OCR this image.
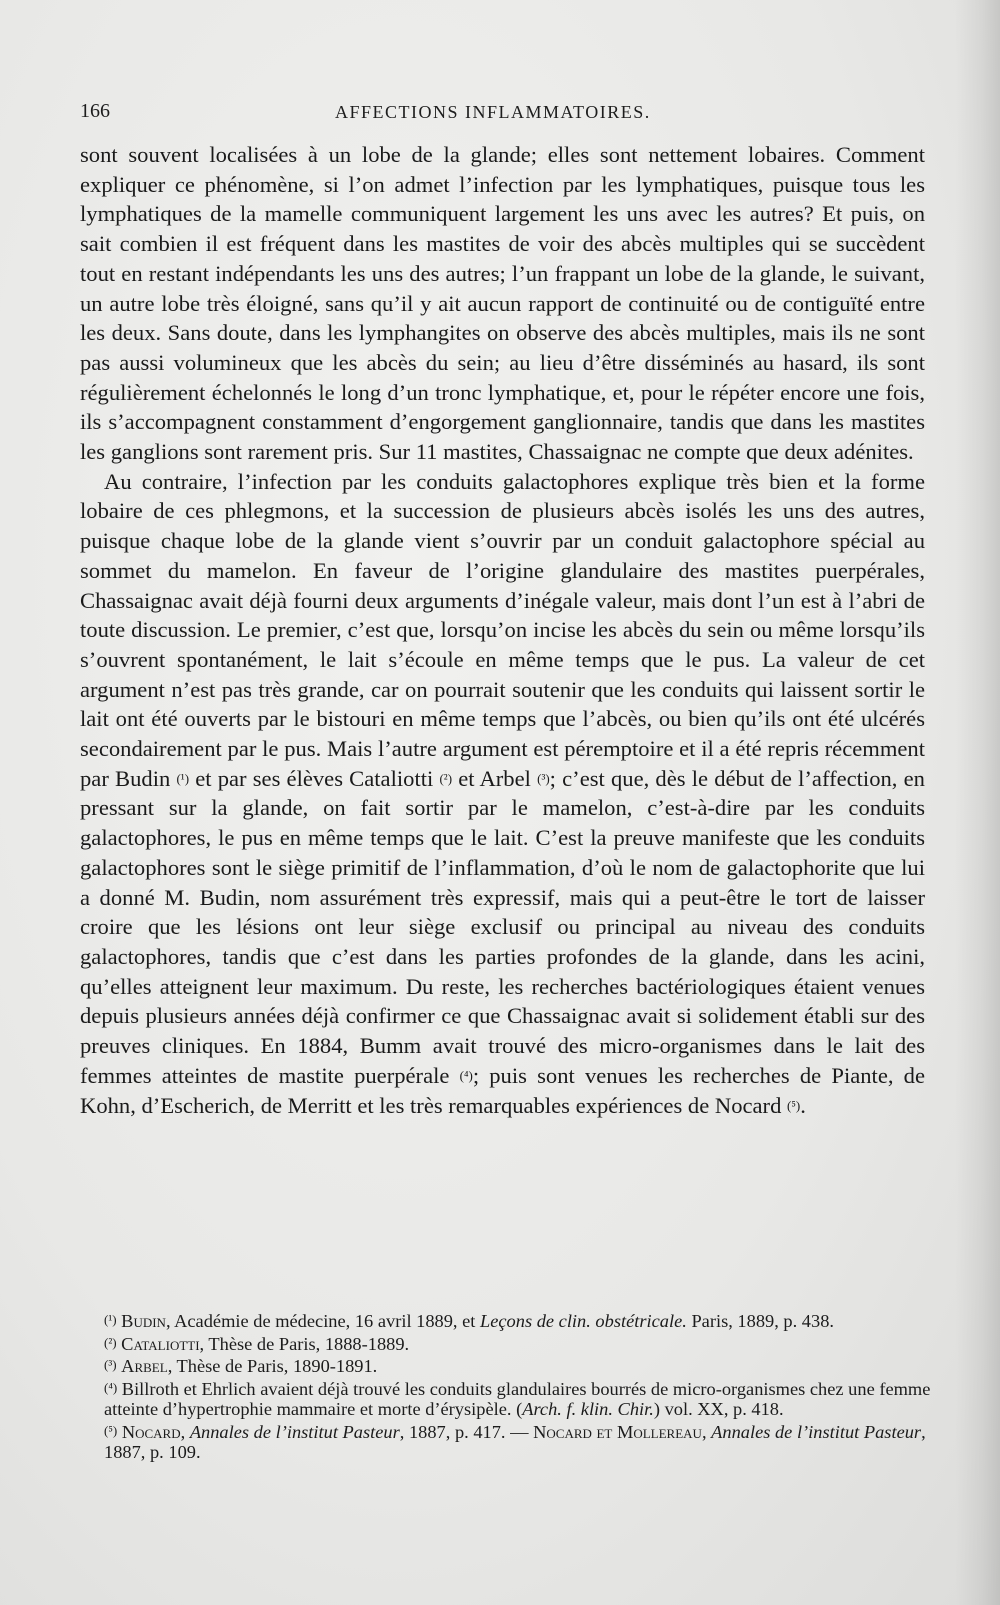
166	AFFECTIONS INFLAMMATOIRES.

sont souvent localisées à un lobe de la glande; elles sont nettement lobaires. Comment expliquer ce phénomène, si l’on admet l’infection par les lymphatiques, puisque tous les lymphatiques de la mamelle communiquent largement les uns avec les autres? Et puis, on sait combien il est fréquent dans les mastites de voir des abcès multiples qui se succèdent tout en restant indépendants les uns des autres; l’un frappant un lobe de la glande, le suivant, un autre lobe très éloigné, sans qu’il y ait aucun rapport de continuité ou de contiguïté entre les deux. Sans doute, dans les lymphangites on observe des abcès multiples, mais ils ne sont pas aussi volumineux que les abcès du sein; au lieu d’être disséminés au hasard, ils sont régulièrement échelonnés le long d’un tronc lymphatique, et, pour le répéter encore une fois, ils s’accompagnent constamment d’engorgement ganglionnaire, tandis que dans les mastites les ganglions sont rarement pris. Sur 11 mastites, Chassaignac ne compte que deux adénites.

Au contraire, l’infection par les conduits galactophores explique très bien et la forme lobaire de ces phlegmons, et la succession de plusieurs abcès isolés les uns des autres, puisque chaque lobe de la glande vient s’ouvrir par un conduit galactophore spécial au sommet du mamelon. En faveur de l’origine glandulaire des mastites puerpérales, Chassaignac avait déjà fourni deux arguments d’inégale valeur, mais dont l’un est à l’abri de toute discussion. Le premier, c’est que, lorsqu’on incise les abcès du sein ou même lorsqu’ils s’ouvrent spontanément, le lait s’écoule en même temps que le pus. La valeur de cet argument n’est pas très grande, car on pourrait soutenir que les conduits qui laissent sortir le lait ont été ouverts par le bistouri en même temps que l’abcès, ou bien qu’ils ont été ulcérés secondairement par le pus. Mais l’autre argument est péremptoire et il a été repris récemment par Budin (¹) et par ses élèves Cataliotti (²) et Arbel (³); c’est que, dès le début de l’affection, en pressant sur la glande, on fait sortir par le mamelon, c’est-à-dire par les conduits galactophores, le pus en même temps que le lait. C’est la preuve manifeste que les conduits galactophores sont le siège primitif de l’inflammation, d’où le nom de galactophorite que lui a donné M. Budin, nom assurément très expressif, mais qui a peut-être le tort de laisser croire que les lésions ont leur siège exclusif ou principal au niveau des conduits galactophores, tandis que c’est dans les parties profondes de la glande, dans les acini, qu’elles atteignent leur maximum. Du reste, les recherches bactériologiques étaient venues depuis plusieurs années déjà confirmer ce que Chassaignac avait si solidement établi sur des preuves cliniques. En 1884, Bumm avait trouvé des micro-organismes dans le lait des femmes atteintes de mastite puerpérale (⁴); puis sont venues les recherches de Piante, de Kohn, d’Escherich, de Merritt et les très remarquables expériences de Nocard (⁵).

(¹) Budin, Académie de médecine, 16 avril 1889, et Leçons de clin. obstétricale. Paris, 1889, p. 438.

(²) Cataliotti, Thèse de Paris, 1888-1889.

(³) Arbel, Thèse de Paris, 1890-1891.

(⁴) Billroth et Ehrlich avaient déjà trouvé les conduits glandulaires bourrés de micro-organismes chez une femme atteinte d’hypertrophie mammaire et morte d’érysipèle. (Arch. f. klin. Chir.) vol. XX, p. 418.

(⁵) Nocard, Annales de l’institut Pasteur, 1887, p. 417. — Nocard et Mollereau, Annales de l’institut Pasteur, 1887, p. 109.
